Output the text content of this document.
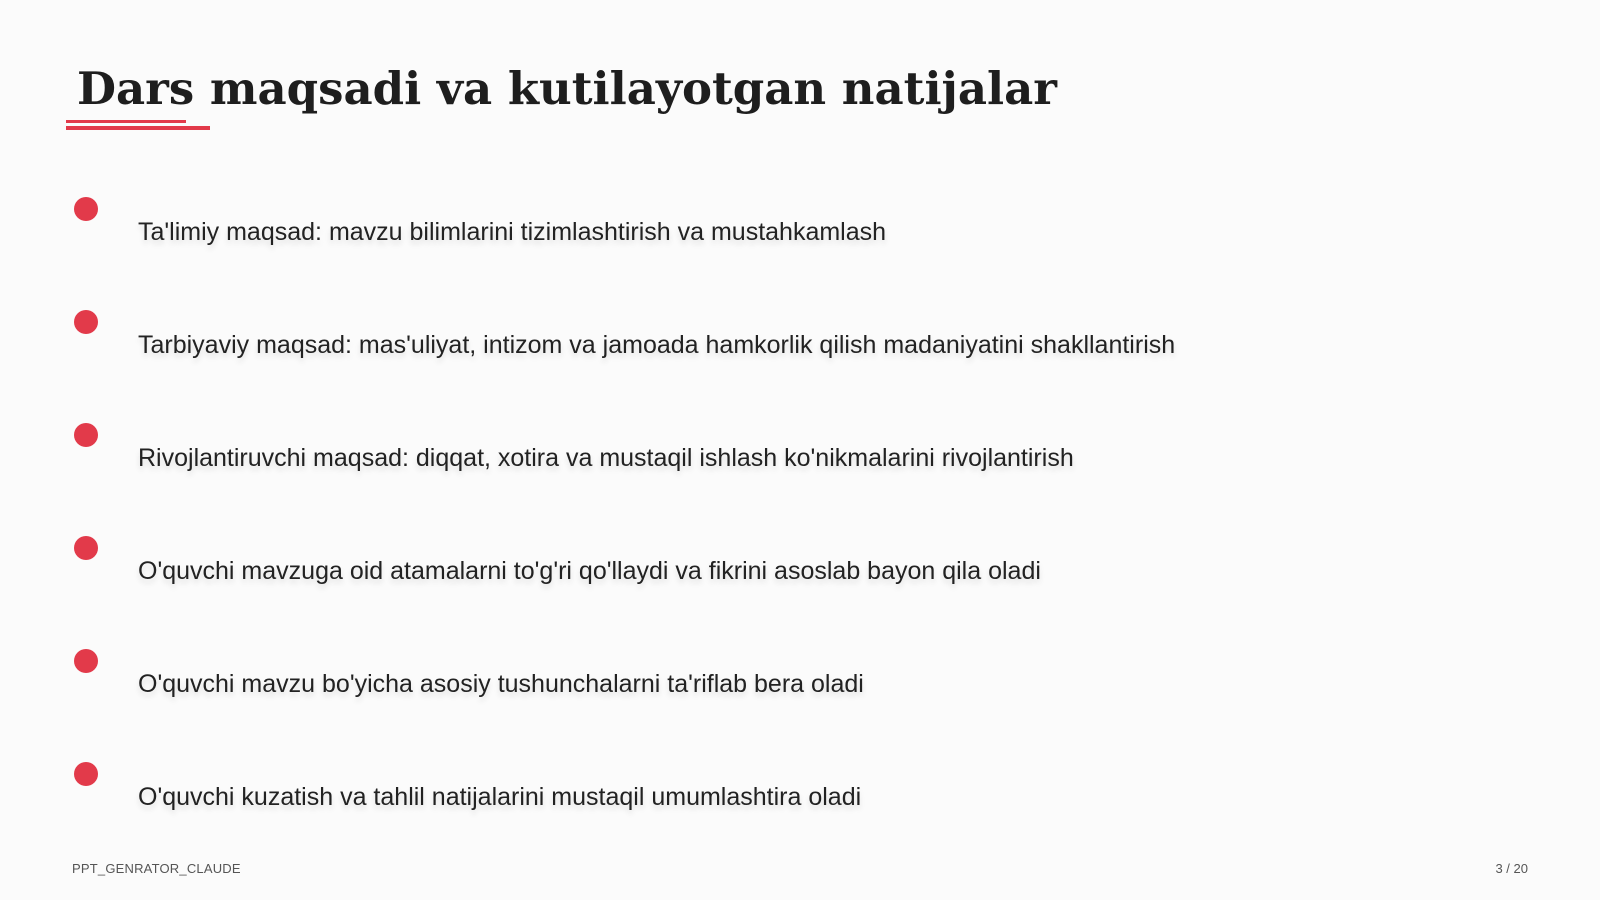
Dars maqsadi va kutilayotgan natijalar
Ta'limiy maqsad: mavzu bilimlarini tizimlashtirish va mustahkamlash
Tarbiyaviy maqsad: mas'uliyat, intizom va jamoada hamkorlik qilish madaniyatini shakllantirish
Rivojlantiruvchi maqsad: diqqat, xotira va mustaqil ishlash ko'nikmalarini rivojlantirish
O'quvchi mavzuga oid atamalarni to'g'ri qo'llaydi va fikrini asoslab bayon qila oladi
O'quvchi mavzu bo'yicha asosiy tushunchalarni ta'riflab bera oladi
O'quvchi kuzatish va tahlil natijalarini mustaqil umumlashtira oladi
PPT_GENRATOR_CLAUDE	3 / 20
